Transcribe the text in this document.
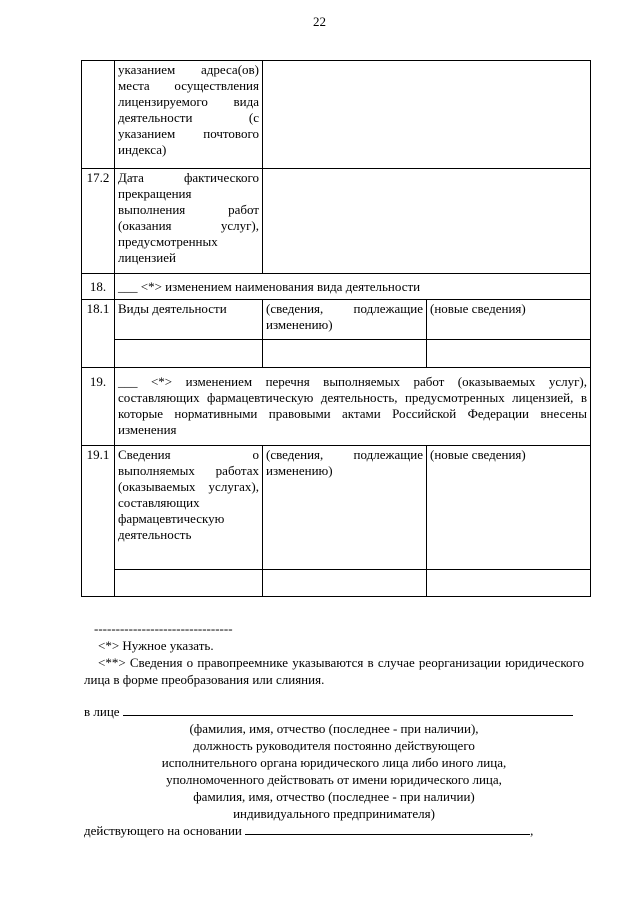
22
	указанием адреса(ов) места осуществления лицензируемого вида деятельности (с указанием почтового индекса)		
17.2	Дата фактического прекращения выполнения работ (оказания услуг), предусмотренных лицензией		
18.	___ <*> изменением наименования вида деятельности		
18.1	Виды деятельности	(сведения, подлежащие изменению)	(новые сведения)

19.	___ <*> изменением перечня выполняемых работ (оказываемых услуг), составляющих фармацевтическую деятельность, предусмотренных лицензией, в которые нормативными правовыми актами Российской Федерации внесены изменения		
19.1	Сведения о выполняемых работах (оказываемых услугах), составляющих фармацевтическую деятельность	(сведения, подлежащие изменению)	(новые сведения)

--------------------------------
<*> Нужное указать.
<**> Сведения о правопреемнике указываются в случае реорганизации юридического лица в форме преобразования или слияния.
в лице
(фамилия, имя, отчество (последнее - при наличии),
должность руководителя постоянно действующего
исполнительного органа юридического лица либо иного лица,
уполномоченного действовать от имени юридического лица,
фамилия, имя, отчество (последнее - при наличии)
индивидуального предпринимателя)
действующего на основании	,
